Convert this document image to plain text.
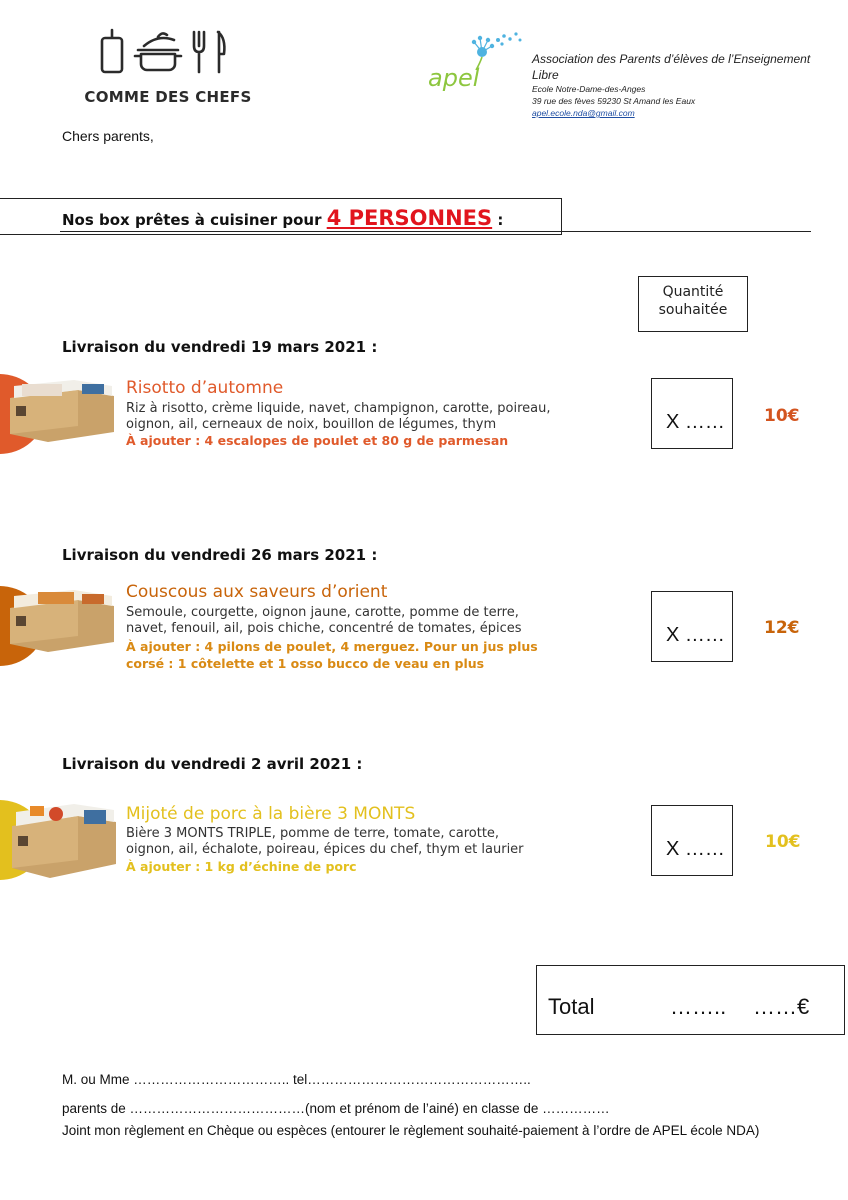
COMME DES CHEFS
apel
Association des Parents d’élèves de l’Enseignement Libre
Ecole Notre-Dame-des-Anges
39 rue des fèves 59230 St Amand les Eaux
apel.ecole.nda@gmail.com
Chers parents,
Nos box prêtes à cuisiner pour 4 PERSONNES :
Quantité
souhaitée
Livraison du vendredi 19 mars 2021 :
Risotto d’automne
Riz à risotto, crème liquide, navet, champignon, carotte, poireau,
oignon, ail, cerneaux de noix, bouillon de légumes, thym
À ajouter : 4 escalopes de poulet et 80 g de parmesan
X ……	10€
Livraison du vendredi 26 mars 2021 :
Couscous aux saveurs d’orient
Semoule, courgette, oignon jaune, carotte, pomme de terre,
navet, fenouil, ail, pois chiche, concentré de tomates, épices
À ajouter : 4 pilons de poulet, 4 merguez. Pour un jus plus
corsé : 1 côtelette et 1 osso bucco de veau en plus
X ……	12€
Livraison du vendredi 2 avril 2021 :
Mijoté de porc à la bière 3 MONTS
Bière 3 MONTS TRIPLE, pomme de terre, tomate, carotte,
oignon, ail, échalote, poireau, épices du chef, thym et laurier
À ajouter : 1 kg d’échine de porc
X ……	10€
Total	…….. ……€
M. ou Mme …………………………….. tel…………………………………………..
parents de …………………………………(nom et prénom de l’ainé) en classe de ……………
Joint mon règlement en Chèque ou espèces (entourer le règlement souhaité-paiement à l’ordre de APEL école NDA)
